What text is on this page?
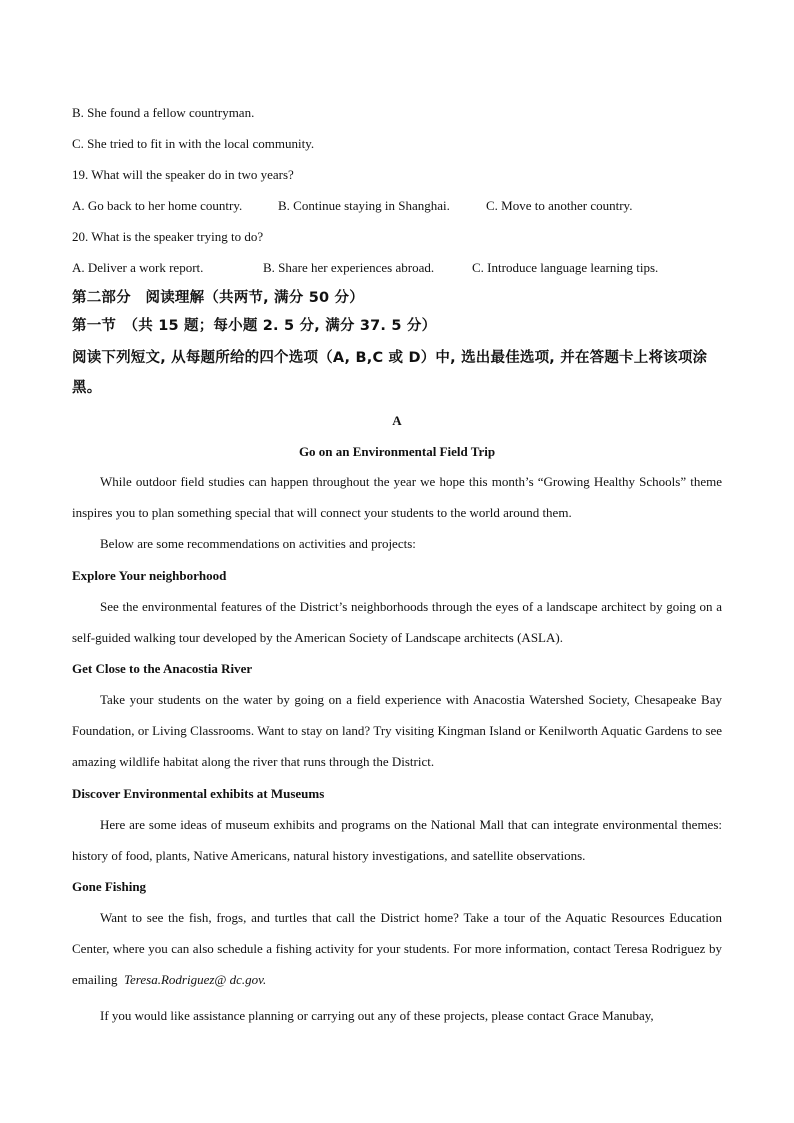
B. She found a fellow countryman.

C. She tried to fit in with the local community.

19. What will the speaker do in two years?

A. Go back to her home country.	B. Continue staying in Shanghai.	C. Move to another country.

20. What is the speaker trying to do?

A. Deliver a work report.	B. Share her experiences abroad.	C. Introduce language learning tips.

第二部分　阅读理解（共两节, 满分 50 分）

第一节　（共 15 题；每小题 2. 5 分, 满分 37. 5 分）

阅读下列短文, 从每题所给的四个选项（A, B,C 或 D）中, 选出最佳选项, 并在答题卡上将该项涂黑。

A

Go on an Environmental Field Trip

While outdoor field studies can happen throughout the year we hope this month’s “Growing Healthy Schools” theme inspires you to plan something special that will connect your students to the world around them.

Below are some recommendations on activities and projects:

Explore Your neighborhood

See the environmental features of the District’s neighborhoods through the eyes of a landscape architect by going on a self-guided walking tour developed by the American Society of Landscape architects (ASLA).

Get Close to the Anacostia River

Take your students on the water by going on a field experience with Anacostia Watershed Society, Chesapeake Bay Foundation, or Living Classrooms. Want to stay on land? Try visiting Kingman Island or Kenilworth Aquatic Gardens to see amazing wildlife habitat along the river that runs through the District.

Discover Environmental exhibits at Museums

Here are some ideas of museum exhibits and programs on the National Mall that can integrate environmental themes: history of food, plants, Native Americans, natural history investigations, and satellite observations.

Gone Fishing

Want to see the fish, frogs, and turtles that call the District home? Take a tour of the Aquatic Resources Education Center, where you can also schedule a fishing activity for your students. For more information, contact Teresa Rodriguez by emailing Teresa.Rodriguez@ dc.gov.

If you would like assistance planning or carrying out any of these projects, please contact Grace Manubay,
